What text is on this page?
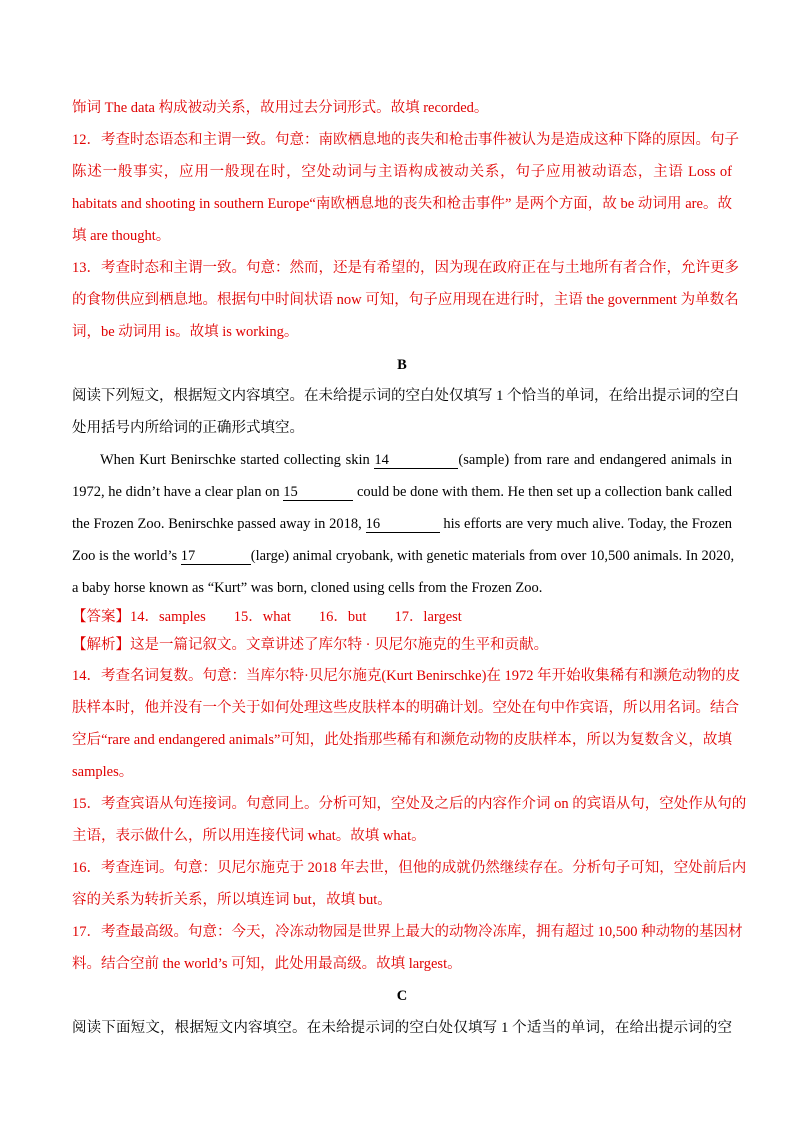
饰词 The data 构成被动关系，故用过去分词形式。故填 recorded。
12．考查时态语态和主谓一致。句意：南欧栖息地的丧失和枪击事件被认为是造成这种下降的原因。句子
陈述一般事实，应用一般现在时，空处动词与主语构成被动关系，句子应用被动语态，主语 Loss of
habitats and shooting in southern Europe“南欧栖息地的丧失和枪击事件” 是两个方面，故 be 动词用 are。故
填 are thought。
13．考查时态和主谓一致。句意：然而，还是有希望的，因为现在政府正在与土地所有者合作，允许更多
的食物供应到栖息地。根据句中时间状语 now 可知，句子应用现在进行时，主语 the government 为单数名
词，be 动词用 is。故填 is working。
B
阅读下列短文，根据短文内容填空。在未给提示词的空白处仅填写 1 个恰当的单词，在给出提示词的空白
处用括号内所给词的正确形式填空。
When Kurt Benirschke started collecting skin 14	(sample) from rare and endangered animals in
1972, he didn’t have a clear plan on 15	could be done with them. He then set up a collection bank called
the Frozen Zoo. Benirschke passed away in 2018, 16	his efforts are very much alive. Today, the Frozen
Zoo is the world’s 17	(large) animal cryobank, with genetic materials from over 10,500 animals. In 2020,
a baby horse known as “Kurt” was born, cloned using cells from the Frozen Zoo.
【答案】14．samples 15．what 16．but 17．largest
【解析】这是一篇记叙文。文章讲述了库尔特 · 贝尼尔施克的生平和贡献。
14．考查名词复数。句意：当库尔特·贝尼尔施克(Kurt Benirschke)在 1972 年开始收集稀有和濒危动物的皮
肤样本时，他并没有一个关于如何处理这些皮肤样本的明确计划。空处在句中作宾语，所以用名词。结合
空后“rare and endangered animals”可知，此处指那些稀有和濒危动物的皮肤样本，所以为复数含义，故填
samples。
15．考查宾语从句连接词。句意同上。分析可知，空处及之后的内容作介词 on 的宾语从句，空处作从句的
主语，表示做什么，所以用连接代词 what。故填 what。
16．考查连词。句意：贝尼尔施克于 2018 年去世，但他的成就仍然继续存在。分析句子可知，空处前后内
容的关系为转折关系，所以填连词 but，故填 but。
17．考查最高级。句意：今天，冷冻动物园是世界上最大的动物冷冻库，拥有超过 10,500 种动物的基因材
料。结合空前 the world’s 可知，此处用最高级。故填 largest。
C
阅读下面短文，根据短文内容填空。在未给提示词的空白处仅填写 1 个适当的单词，在给出提示词的空
